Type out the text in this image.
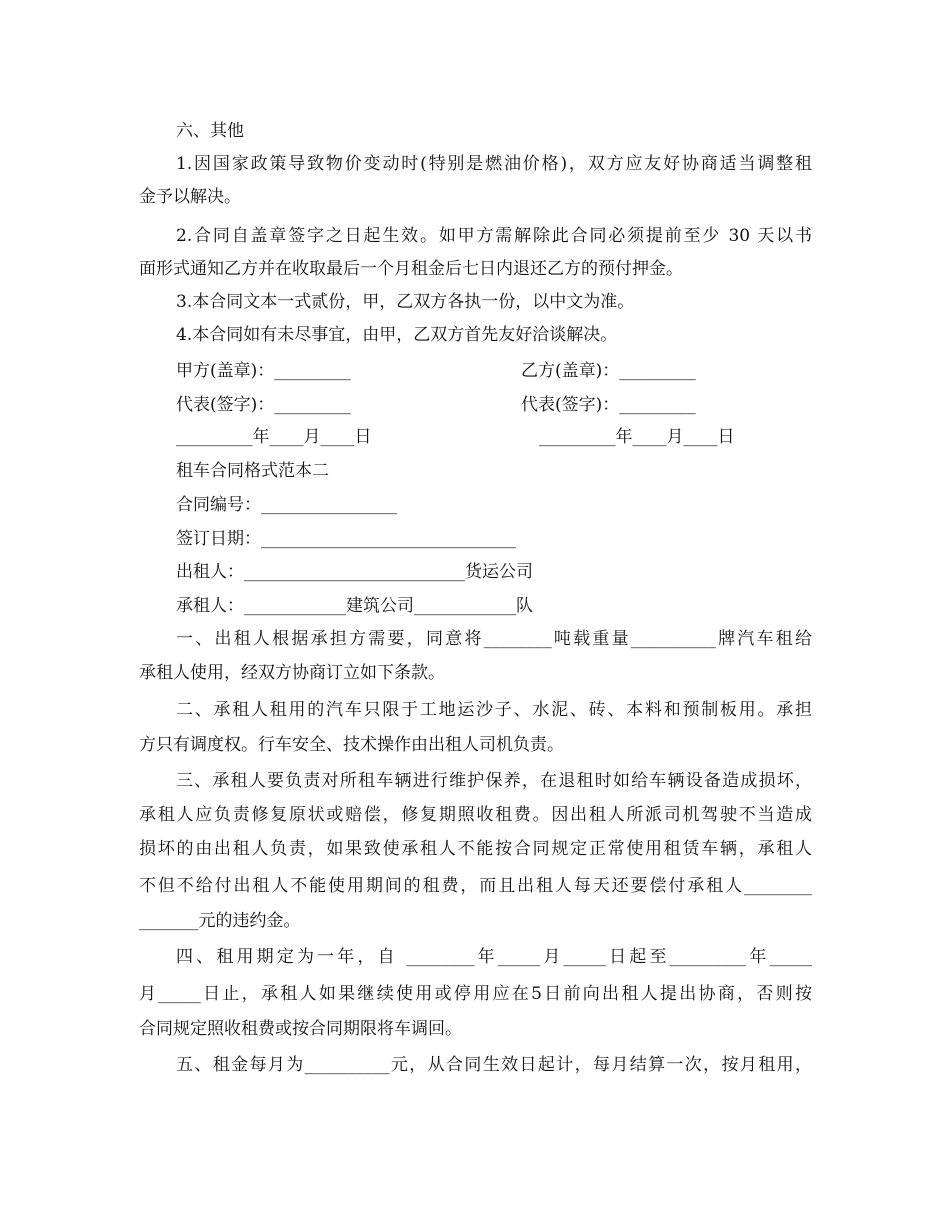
六、其他
1.因国家政策导致物价变动时(特别是燃油价格)，双方应友好协商适当调整租
金予以解决。
2.合同自盖章签字之日起生效。如甲方需解除此合同必须提前至少 30 天以书
面形式通知乙方并在收取最后一个月租金后七日内退还乙方的预付押金。
3.本合同文本一式贰份，甲，乙双方各执一份，以中文为准。
4.本合同如有未尽事宜，由甲，乙双方首先友好洽谈解决。
甲方(盖章)：_________	乙方(盖章)：_________
代表(签字)：_________	代表(签字)：_________
_________年____月____日	_________年____月____日
租车合同格式范本二
合同编号：________________
签订日期：______________________________
出租人：__________________________货运公司
承租人：____________建筑公司____________队
一、出租人根据承担方需要，同意将________吨载重量__________牌汽车租给
承租人使用，经双方协商订立如下条款。
二、承租人租用的汽车只限于工地运沙子、水泥、砖、本料和预制板用。承担
方只有调度权。行车安全、技术操作由出租人司机负责。
三、承租人要负责对所租车辆进行维护保养，在退租时如给车辆设备造成损坏，
承租人应负责修复原状或赔偿，修复期照收租费。因出租人所派司机驾驶不当造成
损坏的由出租人负责，如果致使承租人不能按合同规定正常使用租赁车辆，承租人
不但不给付出租人不能使用期间的租费，而且出租人每天还要偿付承租人________
_______元的违约金。
四、租用期定为一年，自 ________年_____月_____日起至_________年_____
月_____日止，承租人如果继续使用或停用应在5日前向出租人提出协商，否则按
合同规定照收租费或按合同期限将车调回。
五、租金每月为__________元，从合同生效日起计，每月结算一次，按月租用，
